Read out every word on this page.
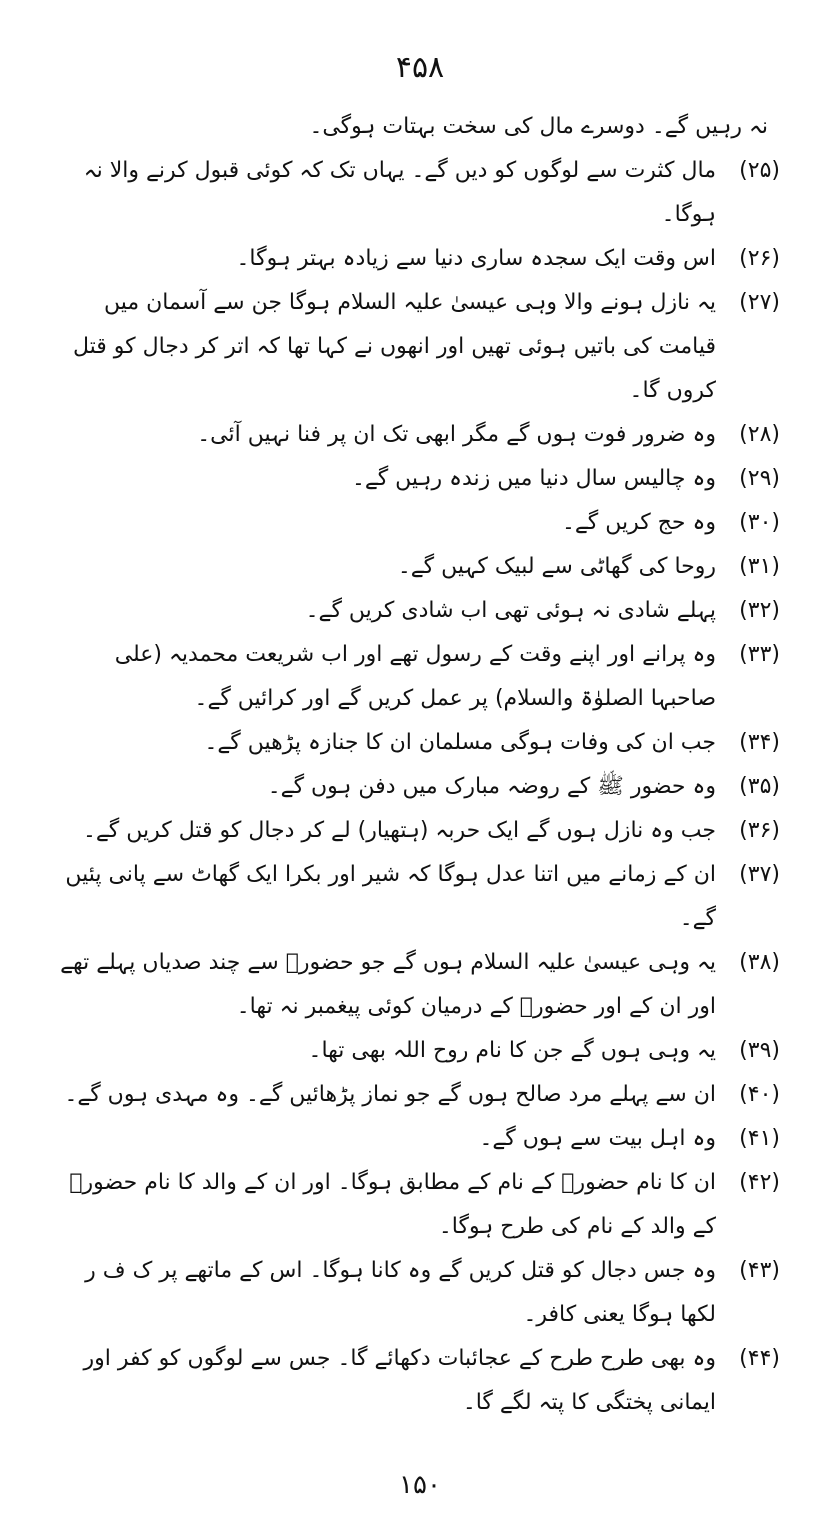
۴۵۸
نہ رہیں گے۔ دوسرے مال کی سخت بہتات ہوگی۔
(۲۵)
مال کثرت سے لوگوں کو دیں گے۔ یہاں تک کہ کوئی قبول کرنے والا نہ ہوگا۔
(۲۶)
اس وقت ایک سجدہ ساری دنیا سے زیادہ بہتر ہوگا۔
(۲۷)
یہ نازل ہونے والا وہی عیسیٰ علیہ السلام ہوگا جن سے آسمان میں قیامت کی باتیں ہوئی تھیں اور انھوں نے کہا تھا کہ اتر کر دجال کو قتل کروں گا۔
(۲۸)
وہ ضرور فوت ہوں گے مگر ابھی تک ان پر فنا نہیں آئی۔
(۲۹)
وہ چالیس سال دنیا میں زندہ رہیں گے۔
(۳۰)
وہ حج کریں گے۔
(۳۱)
روحا کی گھاٹی سے لبیک کہیں گے۔
(۳۲)
پہلے شادی نہ ہوئی تھی اب شادی کریں گے۔
(۳۳)
وہ پرانے اور اپنے وقت کے رسول تھے اور اب شریعت محمدیہ (علی صاحبہا الصلوٰۃ والسلام) پر عمل کریں گے اور کرائیں گے۔
(۳۴)
جب ان کی وفات ہوگی مسلمان ان کا جنازہ پڑھیں گے۔
(۳۵)
وہ حضور ﷺ کے روضہ مبارک میں دفن ہوں گے۔
(۳۶)
جب وہ نازل ہوں گے ایک حربہ (ہتھیار) لے کر دجال کو قتل کریں گے۔
(۳۷)
ان کے زمانے میں اتنا عدل ہوگا کہ شیر اور بکرا ایک گھاٹ سے پانی پئیں گے۔
(۳۸)
یہ وہی عیسیٰ علیہ السلام ہوں گے جو حضورؐ سے چند صدیاں پہلے تھے اور ان کے اور حضورؐ کے درمیان کوئی پیغمبر نہ تھا۔
(۳۹)
یہ وہی ہوں گے جن کا نام روح اللہ بھی تھا۔
(۴۰)
ان سے پہلے مرد صالح ہوں گے جو نماز پڑھائیں گے۔ وہ مہدی ہوں گے۔
(۴۱)
وہ اہل بیت سے ہوں گے۔
(۴۲)
ان کا نام حضورؐ کے نام کے مطابق ہوگا۔ اور ان کے والد کا نام حضورؐ کے والد کے نام کی طرح ہوگا۔
(۴۳)
وہ جس دجال کو قتل کریں گے وہ کانا ہوگا۔ اس کے ماتھے پر ک ف ر لکھا ہوگا یعنی کافر۔
(۴۴)
وہ بھی طرح طرح کے عجائبات دکھائے گا۔ جس سے لوگوں کو کفر اور ایمانی پختگی کا پتہ لگے گا۔
۱۵۰
